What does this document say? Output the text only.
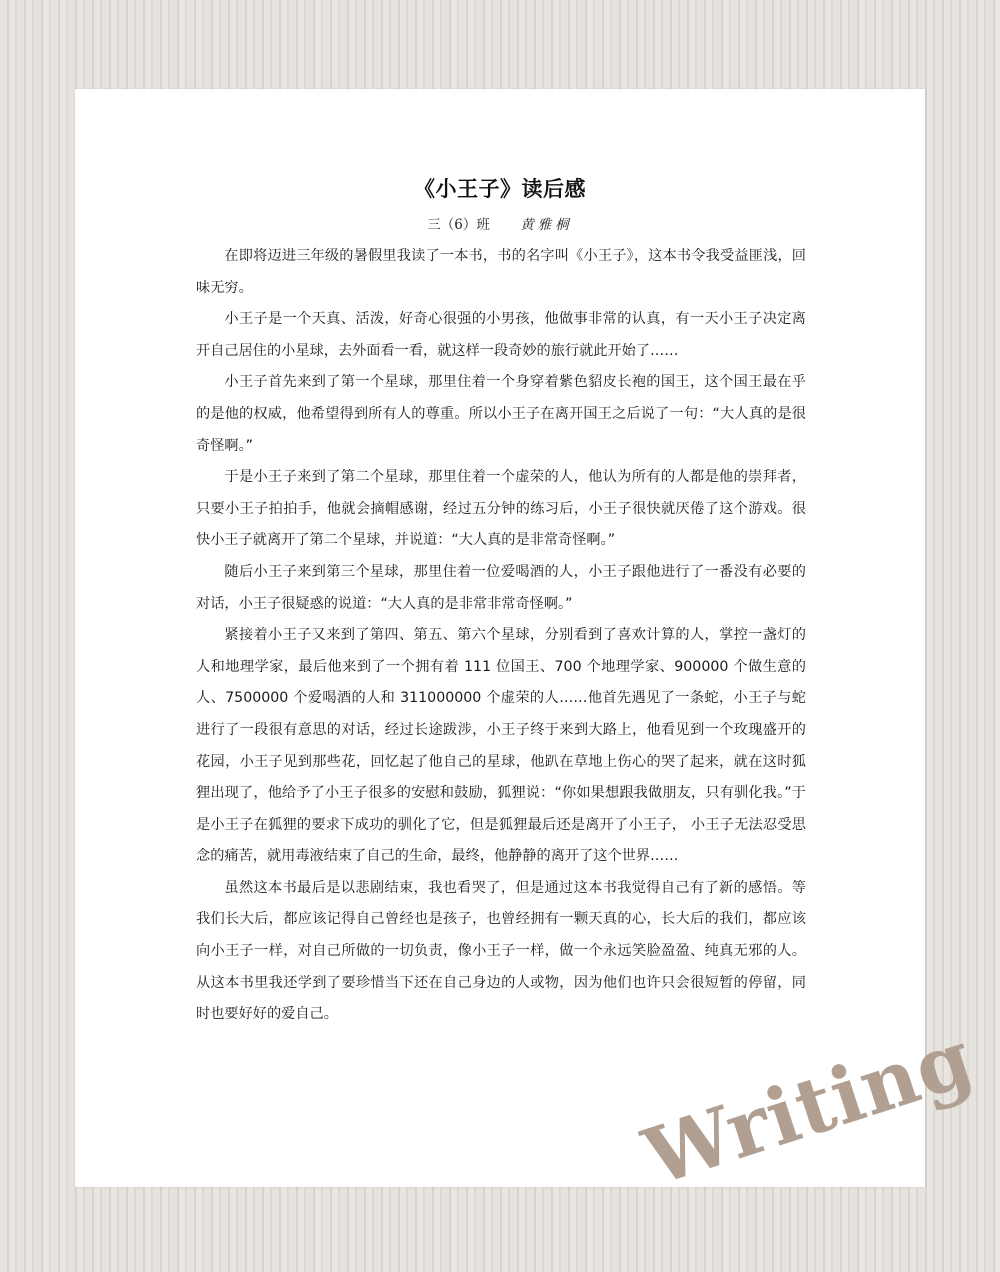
《小王子》读后感
三（6）班 黄雅桐

在即将迈进三年级的暑假里我读了一本书，书的名字叫《小王子》，这本书令我受益匪浅，回味无穷。

小王子是一个天真、活泼，好奇心很强的小男孩，他做事非常的认真，有一天小王子决定离开自己居住的小星球，去外面看一看，就这样一段奇妙的旅行就此开始了……

小王子首先来到了第一个星球，那里住着一个身穿着紫色貂皮长袍的国王，这个国王最在乎的是他的权威，他希望得到所有人的尊重。所以小王子在离开国王之后说了一句：“大人真的是很奇怪啊。”

于是小王子来到了第二个星球，那里住着一个虚荣的人，他认为所有的人都是他的崇拜者，只要小王子拍拍手，他就会摘帽感谢，经过五分钟的练习后，小王子很快就厌倦了这个游戏。很快小王子就离开了第二个星球，并说道：“大人真的是非常奇怪啊。”

随后小王子来到第三个星球，那里住着一位爱喝酒的人，小王子跟他进行了一番没有必要的对话，小王子很疑惑的说道：“大人真的是非常非常奇怪啊。”

紧接着小王子又来到了第四、第五、第六个星球，分别看到了喜欢计算的人，掌控一盏灯的人和地理学家，最后他来到了一个拥有着 111 位国王、700 个地理学家、900000 个做生意的人、7500000 个爱喝酒的人和 311000000 个虚荣的人……他首先遇见了一条蛇，小王子与蛇进行了一段很有意思的对话，经过长途跋涉，小王子终于来到大路上，他看见到一个玫瑰盛开的花园，小王子见到那些花，回忆起了他自己的星球，他趴在草地上伤心的哭了起来，就在这时狐狸出现了，他给予了小王子很多的安慰和鼓励，狐狸说：“你如果想跟我做朋友，只有驯化我。”于是小王子在狐狸的要求下成功的驯化了它，但是狐狸最后还是离开了小王子， 小王子无法忍受思念的痛苦，就用毒液结束了自己的生命，最终，他静静的离开了这个世界……

虽然这本书最后是以悲剧结束，我也看哭了，但是通过这本书我觉得自己有了新的感悟。等我们长大后，都应该记得自己曾经也是孩子，也曾经拥有一颗天真的心，长大后的我们，都应该向小王子一样，对自己所做的一切负责，像小王子一样，做一个永远笑脸盈盈、纯真无邪的人。从这本书里我还学到了要珍惜当下还在自己身边的人或物，因为他们也许只会很短暂的停留，同时也要好好的爱自己。	Writing
